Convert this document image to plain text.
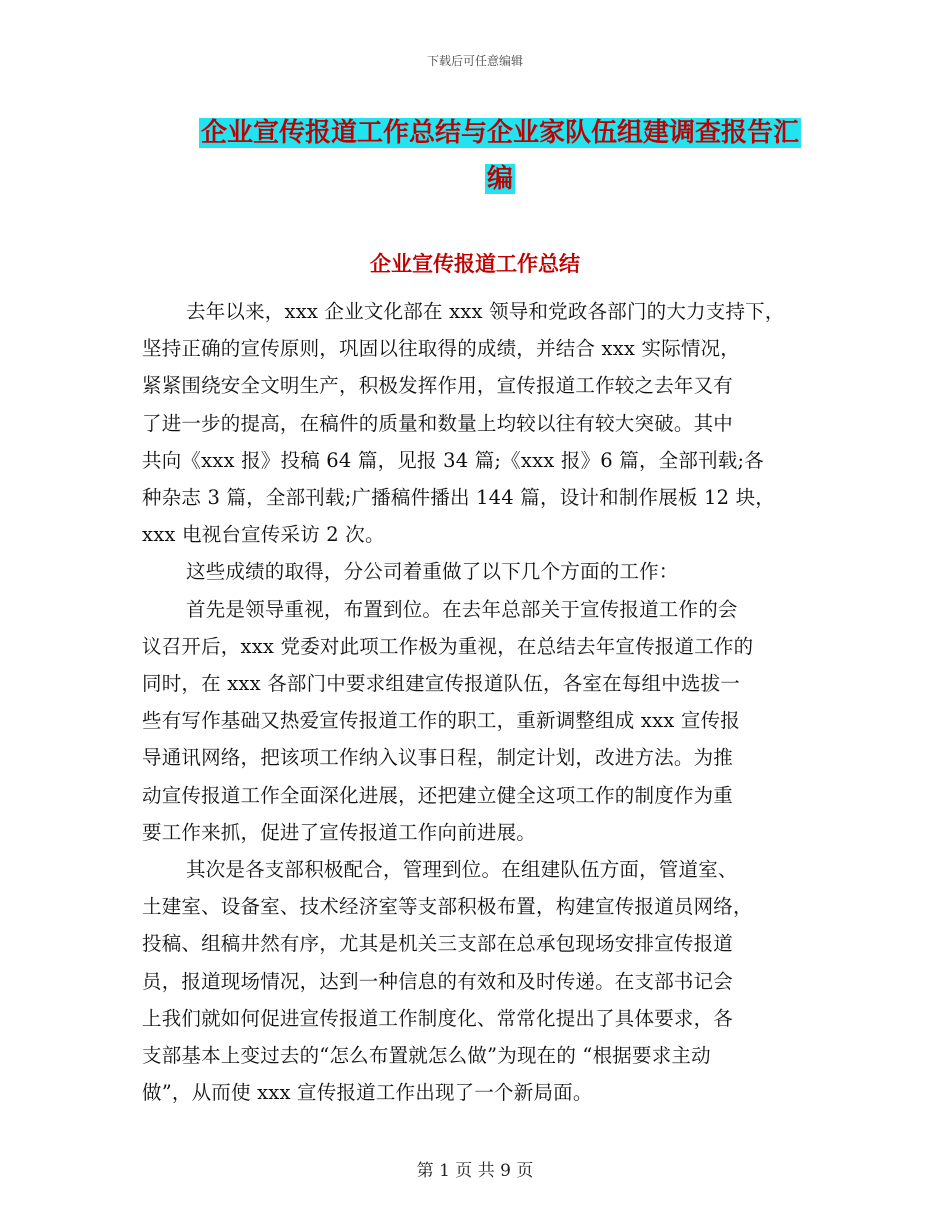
下载后可任意编辑
企业宣传报道工作总结与企业家队伍组建调查报告汇
编
企业宣传报道工作总结

去年以来，xxx 企业文化部在 xxx 领导和党政各部门的大力支持下，
坚持正确的宣传原则，巩固以往取得的成绩，并结合 xxx 实际情况，
紧紧围绕安全文明生产，积极发挥作用，宣传报道工作较之去年又有
了进一步的提高，在稿件的质量和数量上均较以往有较大突破。其中
共向《xxx 报》投稿 64 篇，见报 34 篇;《xxx 报》6 篇，全部刊载;各
种杂志 3 篇，全部刊载;广播稿件播出 144 篇，设计和制作展板 12 块，
xxx 电视台宣传采访 2 次。

这些成绩的取得，分公司着重做了以下几个方面的工作：

首先是领导重视，布置到位。在去年总部关于宣传报道工作的会
议召开后，xxx 党委对此项工作极为重视，在总结去年宣传报道工作的
同时，在 xxx 各部门中要求组建宣传报道队伍，各室在每组中选拔一
些有写作基础又热爱宣传报道工作的职工，重新调整组成 xxx 宣传报
导通讯网络，把该项工作纳入议事日程，制定计划，改进方法。为推
动宣传报道工作全面深化进展，还把建立健全这项工作的制度作为重
要工作来抓，促进了宣传报道工作向前进展。

其次是各支部积极配合，管理到位。在组建队伍方面，管道室、
土建室、设备室、技术经济室等支部积极布置，构建宣传报道员网络，
投稿、组稿井然有序，尤其是机关三支部在总承包现场安排宣传报道
员，报道现场情况，达到一种信息的有效和及时传递。在支部书记会
上我们就如何促进宣传报道工作制度化、常常化提出了具体要求，各
支部基本上变过去的“怎么布置就怎么做”为现在的 “根据要求主动
做”，从而使 xxx 宣传报道工作出现了一个新局面。

第 1 页 共 9 页
